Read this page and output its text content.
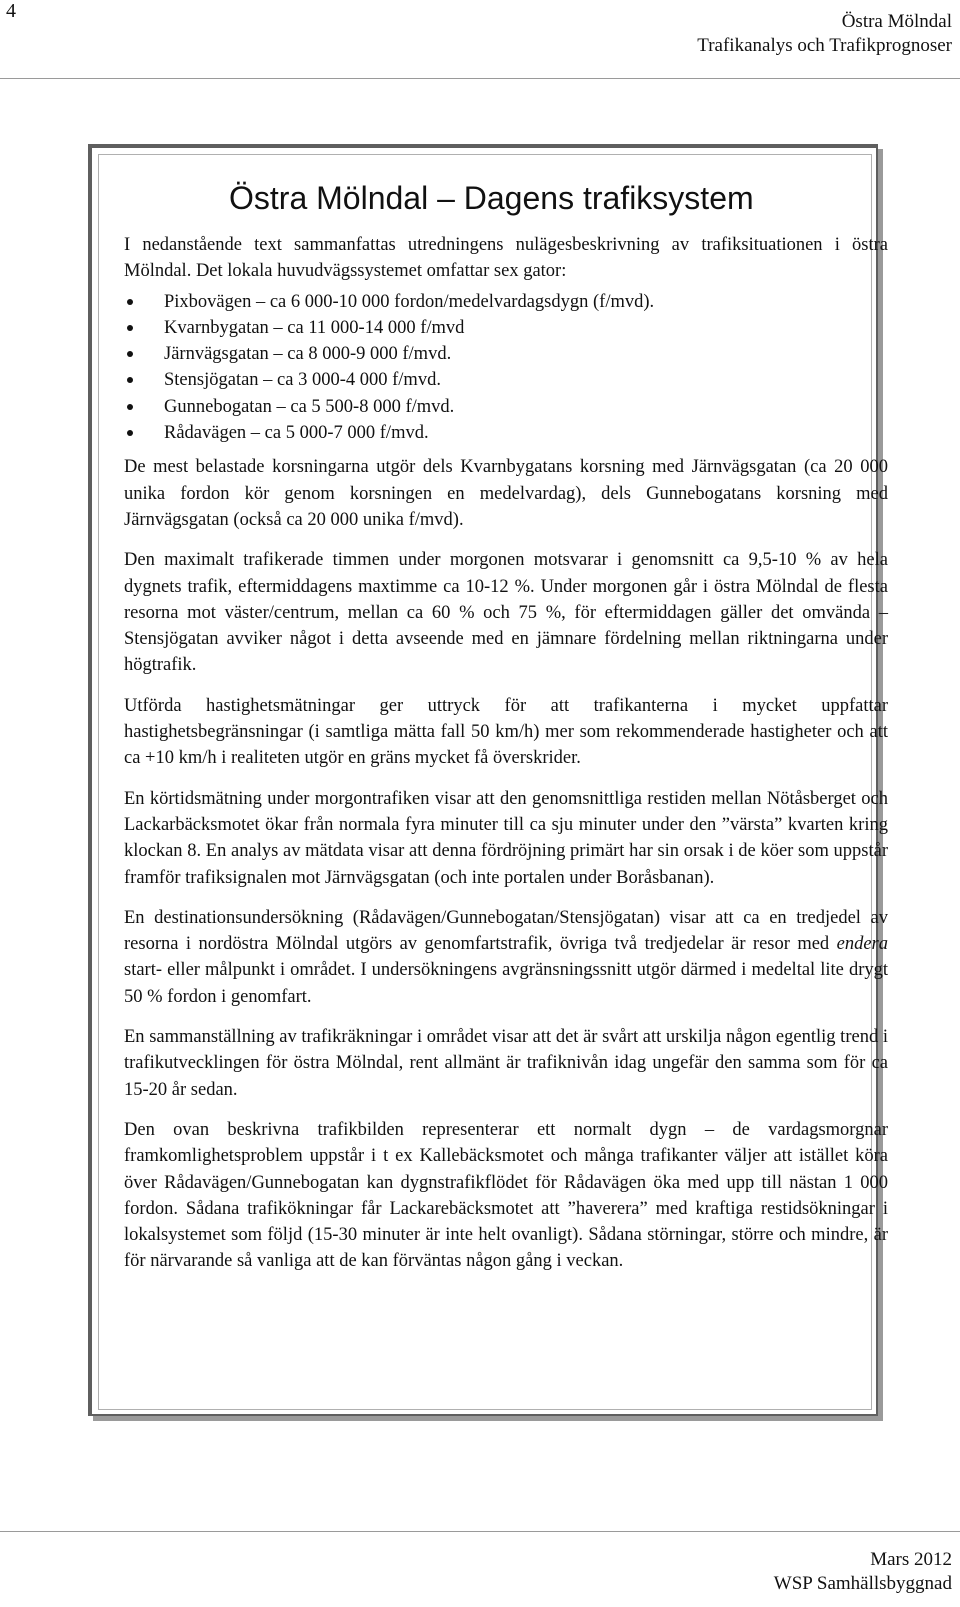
4	Östra Mölndal
Trafikanalys och Trafikprognoser
Östra Mölndal – Dagens trafiksystem

I nedanstående text sammanfattas utredningens nulägesbeskrivning av trafiksituationen i östra Mölndal. Det lokala huvudvägssystemet omfattar sex gator:

Pixbovägen – ca 6 000-10 000 fordon/medelvardagsdygn (f/mvd).
Kvarnbygatan – ca 11 000-14 000 f/mvd
Järnvägsgatan – ca 8 000-9 000 f/mvd.
Stensjögatan – ca 3 000-4 000 f/mvd.
Gunnebogatan – ca 5 500-8 000 f/mvd.
Rådavägen – ca 5 000-7 000 f/mvd.

De mest belastade korsningarna utgör dels Kvarnbygatans korsning med Järnvägsgatan (ca 20 000 unika fordon kör genom korsningen en medelvardag), dels Gunnebogatans korsning med Järnvägsgatan (också ca 20 000 unika f/mvd).

Den maximalt trafikerade timmen under morgonen motsvarar i genomsnitt ca 9,5-10 % av hela dygnets trafik, eftermiddagens maxtimme ca 10-12 %. Under morgonen går i östra Mölndal de flesta resorna mot väster/centrum, mellan ca 60 % och 75 %, för eftermiddagen gäller det omvända – Stensjögatan avviker något i detta avseende med en jämnare fördelning mellan riktningarna under högtrafik.

Utförda hastighetsmätningar ger uttryck för att trafikanterna i mycket uppfattar hastighetsbegränsningar (i samtliga mätta fall 50 km/h) mer som rekommenderade hastigheter och att ca +10 km/h i realiteten utgör en gräns mycket få överskrider.

En körtidsmätning under morgontrafiken visar att den genomsnittliga restiden mellan Nötåsberget och Lackarbäcksmotet ökar från normala fyra minuter till ca sju minuter under den ”värsta” kvarten kring klockan 8. En analys av mätdata visar att denna fördröjning primärt har sin orsak i de köer som uppstår framför trafiksignalen mot Järnvägsgatan (och inte portalen under Boråsbanan).

En destinationsundersökning (Rådavägen/Gunnebogatan/Stensjögatan) visar att ca en tredjedel av resorna i nordöstra Mölndal utgörs av genomfartstrafik, övriga två tredjedelar är resor med endera start- eller målpunkt i området. I undersökningens avgränsningssnitt utgör därmed i medeltal lite drygt 50 % fordon i genomfart.

En sammanställning av trafikräkningar i området visar att det är svårt att urskilja någon egentlig trend i trafikutvecklingen för östra Mölndal, rent allmänt är trafiknivån idag ungefär den samma som för ca 15-20 år sedan.

Den ovan beskrivna trafikbilden representerar ett normalt dygn – de vardagsmorgnar framkomlighetsproblem uppstår i t ex Kallebäcksmotet och många trafikanter väljer att istället köra över Rådavägen/Gunnebogatan kan dygnstrafikflödet för Rådavägen öka med upp till nästan 1 000 fordon. Sådana trafikökningar får Lackarebäcksmotet att ”haverera” med kraftiga restidsökningar i lokalsystemet som följd (15-30 minuter är inte helt ovanligt). Sådana störningar, större och mindre, är för närvarande så vanliga att de kan förväntas någon gång i veckan.

Mars 2012
WSP Samhällsbyggnad
